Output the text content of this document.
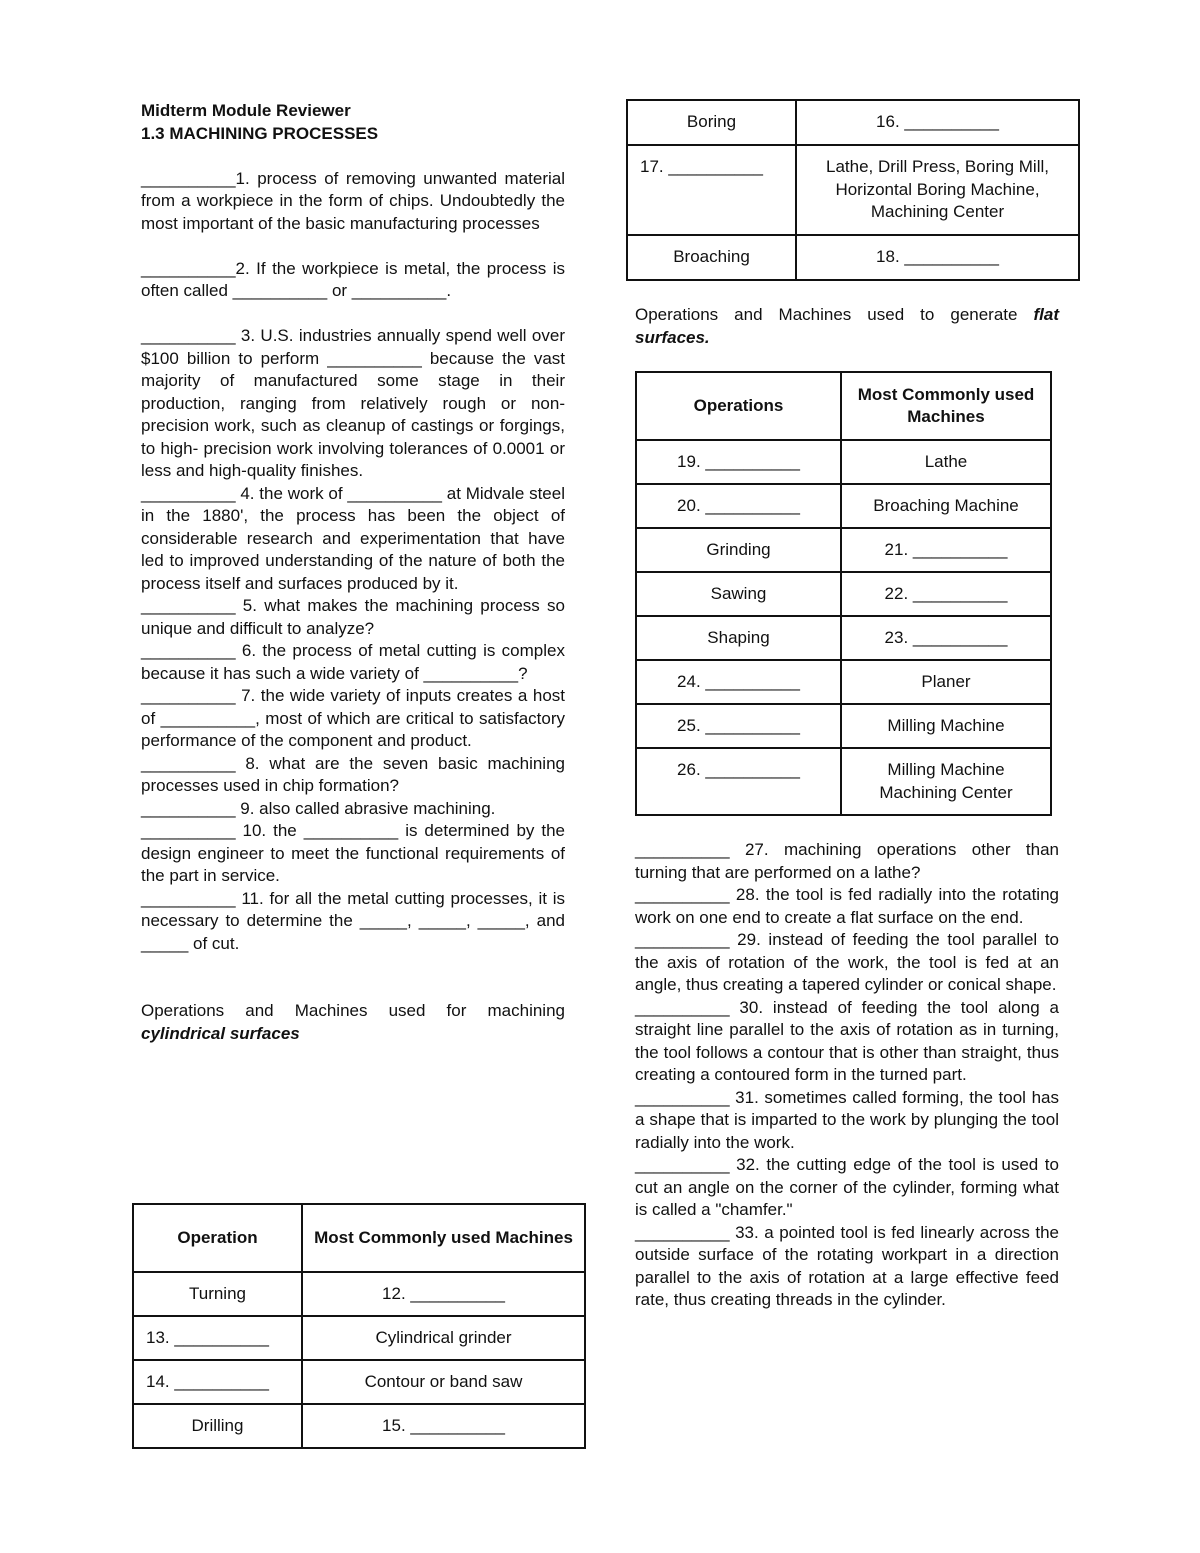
Midterm Module Reviewer

1.3 MACHINING PROCESSES

__________1. process of removing unwanted material from a workpiece in the form of chips. Undoubtedly the most important of the basic manufacturing processes

__________2. If the workpiece is metal, the process is often called __________ or __________.

__________ 3. U.S. industries annually spend well over $100 billion to perform __________ because the vast majority of manufactured some stage in their production, ranging from relatively rough or non-precision work, such as cleanup of castings or forgings, to high- precision work involving tolerances of 0.0001 or less and high-quality finishes.

__________ 4. the work of __________ at Midvale steel in the 1880', the process has been the object of considerable research and experimentation that have led to improved understanding of the nature of both the process itself and surfaces produced by it.

__________ 5. what makes the machining process so unique and difficult to analyze?

__________ 6. the process of metal cutting is complex because it has such a wide variety of __________?

__________ 7. the wide variety of inputs creates a host of __________, most of which are critical to satisfactory performance of the component and product.

__________ 8. what are the seven basic machining processes used in chip formation?

__________ 9. also called abrasive machining.

__________ 10. the __________ is determined by the design engineer to meet the functional requirements of the part in service.

__________ 11. for all the metal cutting processes, it is necessary to determine the _____, _____, _____, and _____ of cut.

Operations and Machines used for machining cylindrical surfaces

Operation	Most Commonly used Machines
Turning	12. __________
13. __________	Cylindrical grinder
14. __________	Contour or band saw
Drilling	15. __________
Boring	16. __________
17. __________	Lathe, Drill Press, Boring Mill, Horizontal Boring Machine, Machining Center
Broaching	18. __________

Operations and Machines used to generate flat surfaces.

Operations	Most Commonly used Machines
19. __________	Lathe
20. __________	Broaching Machine
Grinding	21. __________
Sawing	22. __________
Shaping	23. __________
24. __________	Planer
25. __________	Milling Machine
26. __________	Milling Machine Machining Center

__________ 27. machining operations other than turning that are performed on a lathe?

__________ 28. the tool is fed radially into the rotating work on one end to create a flat surface on the end.

__________ 29. instead of feeding the tool parallel to the axis of rotation of the work, the tool is fed at an angle, thus creating a tapered cylinder or conical shape.

__________ 30. instead of feeding the tool along a straight line parallel to the axis of rotation as in turning, the tool follows a contour that is other than straight, thus creating a contoured form in the turned part.

__________ 31. sometimes called forming, the tool has a shape that is imparted to the work by plunging the tool radially into the work.

__________ 32. the cutting edge of the tool is used to cut an angle on the corner of the cylinder, forming what is called a "chamfer."

__________ 33. a pointed tool is fed linearly across the outside surface of the rotating workpart in a direction parallel to the axis of rotation at a large effective feed rate, thus creating threads in the cylinder.
